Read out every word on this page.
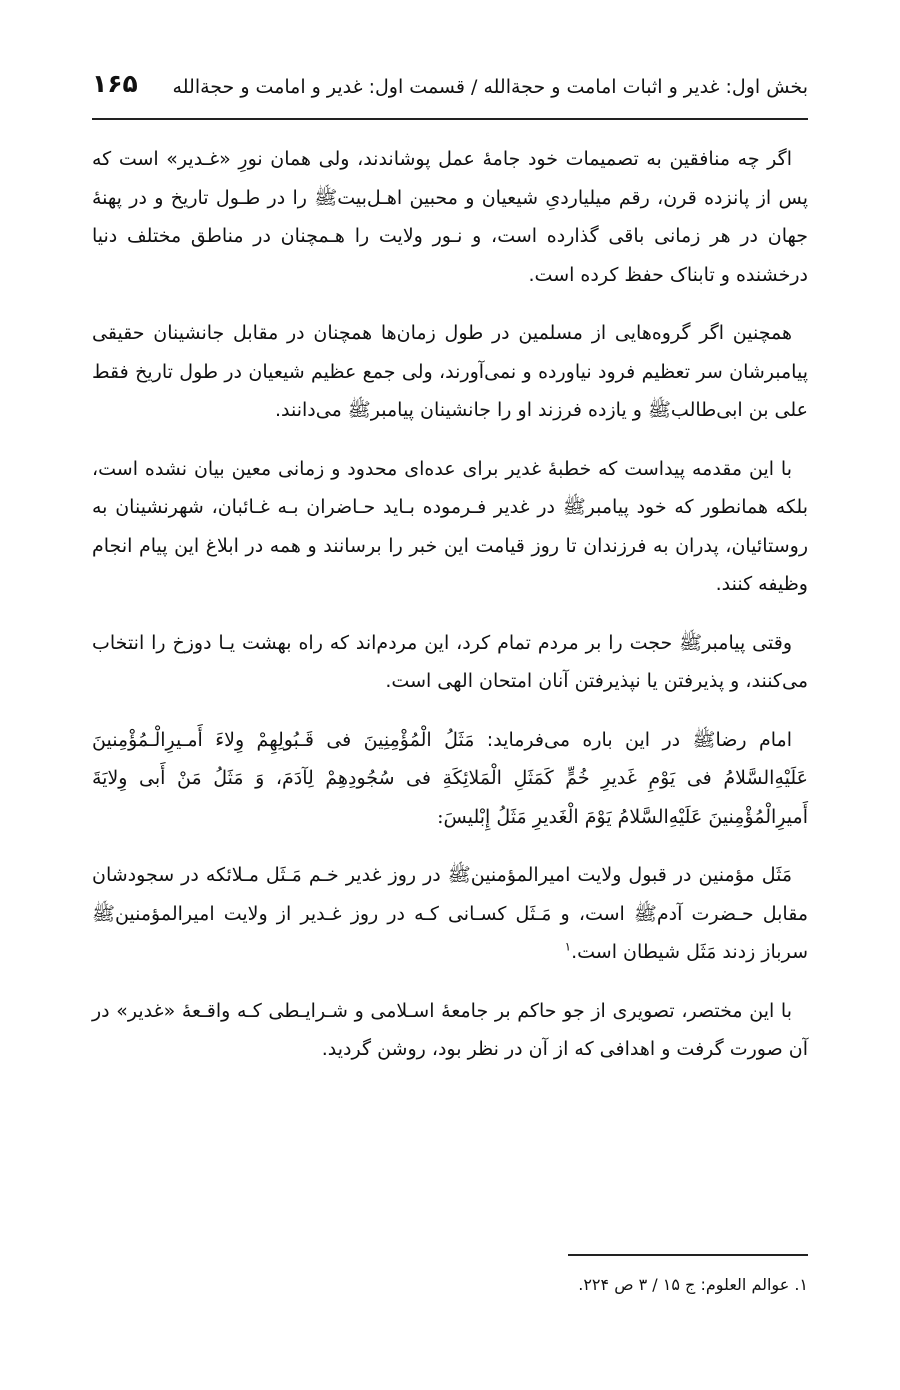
بخش اول: غدیر و اثبات امامت و حجةالله / قسمت اول: غدیر و امامت و حجةالله
۱۶۵

اگر چه منافقین به تصمیمات خود جامهٔ عمل پوشاندند، ولی همان نورِ «غـدیر» است که پس از پانزده قرن، رقم میلیاردیِ شیعیان و محبین اهـل‌بیتﷺ را در طـول تاریخ و در پهنهٔ جهان در هر زمانی باقی گذارده است، و نـور ولایت را هـمچنان در مناطق مختلف دنیا درخشنده و تابناک حفظ کرده است.

همچنین اگر گروه‌هایی از مسلمین در طول زمان‌ها همچنان در مقابل جانشینان حقیقی پیامبرشان سر تعظیم فرود نیاورده و نمی‌آورند، ولی جمع عظیم شیعیان در طول تاریخ فقط علی بن ابی‌طالبﷺ و یازده فرزند او را جانشینان پیامبرﷺ می‌دانند.

با این مقدمه پیداست که خطبهٔ غدیر برای عده‌ای محدود و زمانی معین بیان نشده است، بلکه همانطور که خود پیامبرﷺ در غدیر فـرموده بـاید حـاضران بـه غـائبان، شهرنشینان به روستائیان، پدران به فرزندان تا روز قیامت این خبر را برسانند و همه در ابلاغ این پیام انجام وظیفه کنند.

وقتی پیامبرﷺ حجت را بر مردم تمام کرد، این مردم‌اند که راه بهشت یـا دوزخ را انتخاب می‌کنند، و پذیرفتن یا نپذیرفتن آنان امتحان الهی است.

امام رضاﷺ در این باره می‌فرماید: مَثَلُ الْمُؤْمِنِینَ فی قَـبُولِهِمْ وِلاءَ أَمـیرِالْـمُؤْمِنینَ عَلَیْهِ‌السَّلامُ فی یَوْمِ غَدیرِ خُمٍّ کَمَثَلِ الْمَلائِکَةِ فی سُجُودِهِمْ لِآدَمَ، وَ مَثَلُ مَنْ أَبی وِلایَةَ أَمیرِالْمُؤْمِنینَ عَلَیْهِ‌السَّلامُ یَوْمَ الْغَدیرِ مَثَلُ إِبْلیسَ:

مَثَل مؤمنین در قبول ولایت امیرالمؤمنینﷺ در روز غدیر خـم مَـثَل مـلائکه در سجودشان مقابل حـضرت آدمﷺ است، و مَـثَل کسـانی کـه در روز غـدیر از ولایت امیرالمؤمنینﷺ سرباز زدند مَثَل شیطان است.$^۱$

با این مختصر، تصویری از جو حاکم بر جامعهٔ اسـلامی و شـرایـطی کـه واقـعهٔ «غدیر» در آن صورت گرفت و اهدافی که از آن در نظر بود، روشن گردید.

۱. عوالم العلوم: ج ۱۵ / ۳ ص ۲۲۴.
